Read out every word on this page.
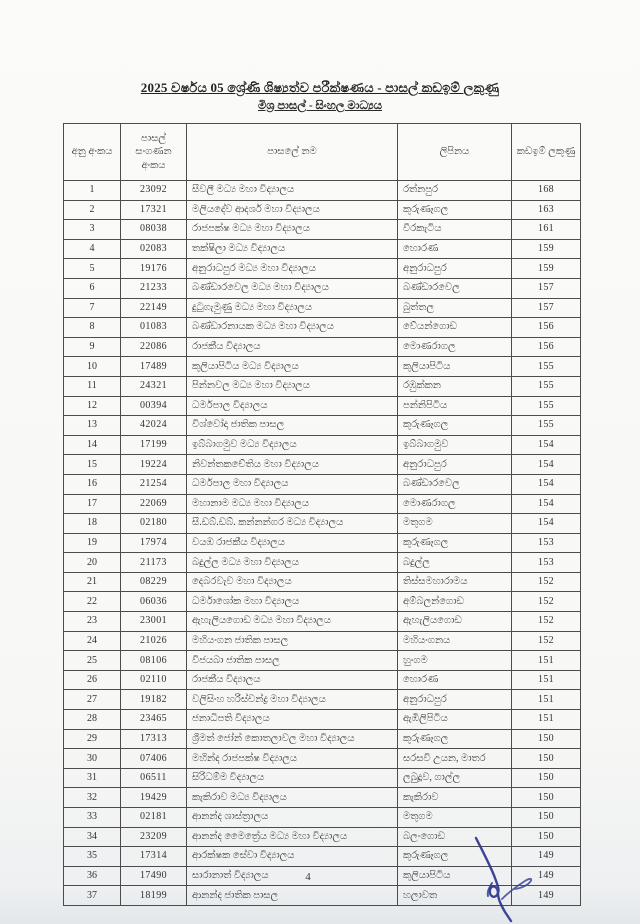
2025 වර්ෂය 05 ශ්‍රේණි ශිෂ්‍යත්ව පරීක්ෂණය - පාසල් කඩඉම් ලකුණු
මිශ්‍ර පාසල් - සිංහල මාධ්‍යය
අනු අංකය	පාසල් සංගණන අංකය	පාසලේ නම	ලිපිනය	කඩඉම් ලකුණු
1	23092	සීවලී මධ්‍ය මහා විද්‍යාලය	රත්නපුර	168
2	17321	මලියදේව ආදර්ශ මහා විද්‍යාලය	කුරුණෑගල	163
3	08038	රාජපක්ෂ මධ්‍ය මහා විද්‍යාලය	වීරකැටිය	161
4	02083	තක්ෂිලා මධ්‍ය විද්‍යාලය	හොරණ	159
5	19176	අනුරාධපුර මධ්‍ය මහා විද්‍යාලය	අනුරාධපුර	159
6	21233	බණ්ඩාරවෙල මධ්‍ය මහා විද්‍යාලය	බණ්ඩාරවෙල	157
7	22149	දුටුගැමුණු මධ්‍ය මහා විද්‍යාලය	බුත්තල	157
8	01083	බණ්ඩාරනායක මධ්‍ය මහා විද්‍යාලය	වේයන්ගොඩ	156
9	22086	රාජකීය විද්‍යාලය	මොණරාගල	156
10	17489	කුලියාපිටිය මධ්‍ය විද්‍යාලය	කුලියාපිටිය	155
11	24321	පින්නවල මධ්‍ය මහා විද්‍යාලය	රඹුක්කන	155
12	00394	ධර්මපාල විද්‍යාලය	පන්නිපිටිය	155
13	42024	විශ්වෝදා ජාතික පාසල	කුරුණෑගල	155
14	17199	ඉබ්බාගමුව මධ්‍ය විද්‍යාලය	ඉබ්බාගමුව	154
15	19224	නිවන්තකචේතිය මහා විද්‍යාලය	අනුරාධපුර	154
16	21254	ධර්මපාල මහා විද්‍යාලය	බණ්ඩාරවෙල	154
17	22069	මහානාම මධ්‍ය මහා විද්‍යාලය	මොණරාගල	154
18	02180	සී.ඩබ්.ඩබ්. කන්නන්ගර මධ්‍ය විද්‍යාලය	මතුගම	154
19	17974	වයඹ රාජකීය විද්‍යාලය	කුරුණෑගල	153
20	21173	බදුල්ල මධ්‍ය මහා විද්‍යාලය	බදුල්ල	153
21	08229	දෙබරවැව මහා විද්‍යාලය	තිස්සමහාරාමය	152
22	06036	ධර්මාශෝක මහා විද්‍යාලය	අම්බලන්ගොඩ	152
23	23001	ඇහැලියගොඩ මධ්‍ය මහා විද්‍යාලය	ඇහැලියගොඩ	152
24	21026	මහියංගන ජාතික පාසල	මහියංගනය	152
25	08106	විජයබා ජාතික පාසල	හුංගම	151
26	02110	රාජකීය විද්‍යාලය	හොරණ	151
27	19182	වලිසිංහ හරිස්චන්ද්‍ර මහා විද්‍යාලය	අනුරාධපුර	151
28	23465	ජනාධිපති විද්‍යාලය	ඇඹිලිපිටිය	151
29	17313	ශ්‍රීමත් ජෝන් කොතලාවල මහා විද්‍යාලය	කුරුණෑගල	150
30	07406	මහින්ද රාජපක්ෂ විද්‍යාලය	සරසවි උයන, මාතර	150
31	06511	සිරිධම්ම විද්‍යාලය	ලබුදූව, ගාල්ල	150
32	19429	කැකිරාව මධ්‍ය විද්‍යාලය	කැකිරාව	150
33	02181	ආනන්ද ශාස්ත්‍රාලය	මතුගම	150
34	23209	ආනන්ද මෛත්‍රේය මධ්‍ය මහා විද්‍යාලය	බලංගොඩ	150
35	17314	ආරක්ෂක සේවා විද්‍යාලය	කුරුණෑගල	149
36	17490	සාරානාත් විද්‍යාලය	කුලියාපිටිය	149
37	18199	ආනන්ද ජාතික පාසල	හලාවත	149
4
